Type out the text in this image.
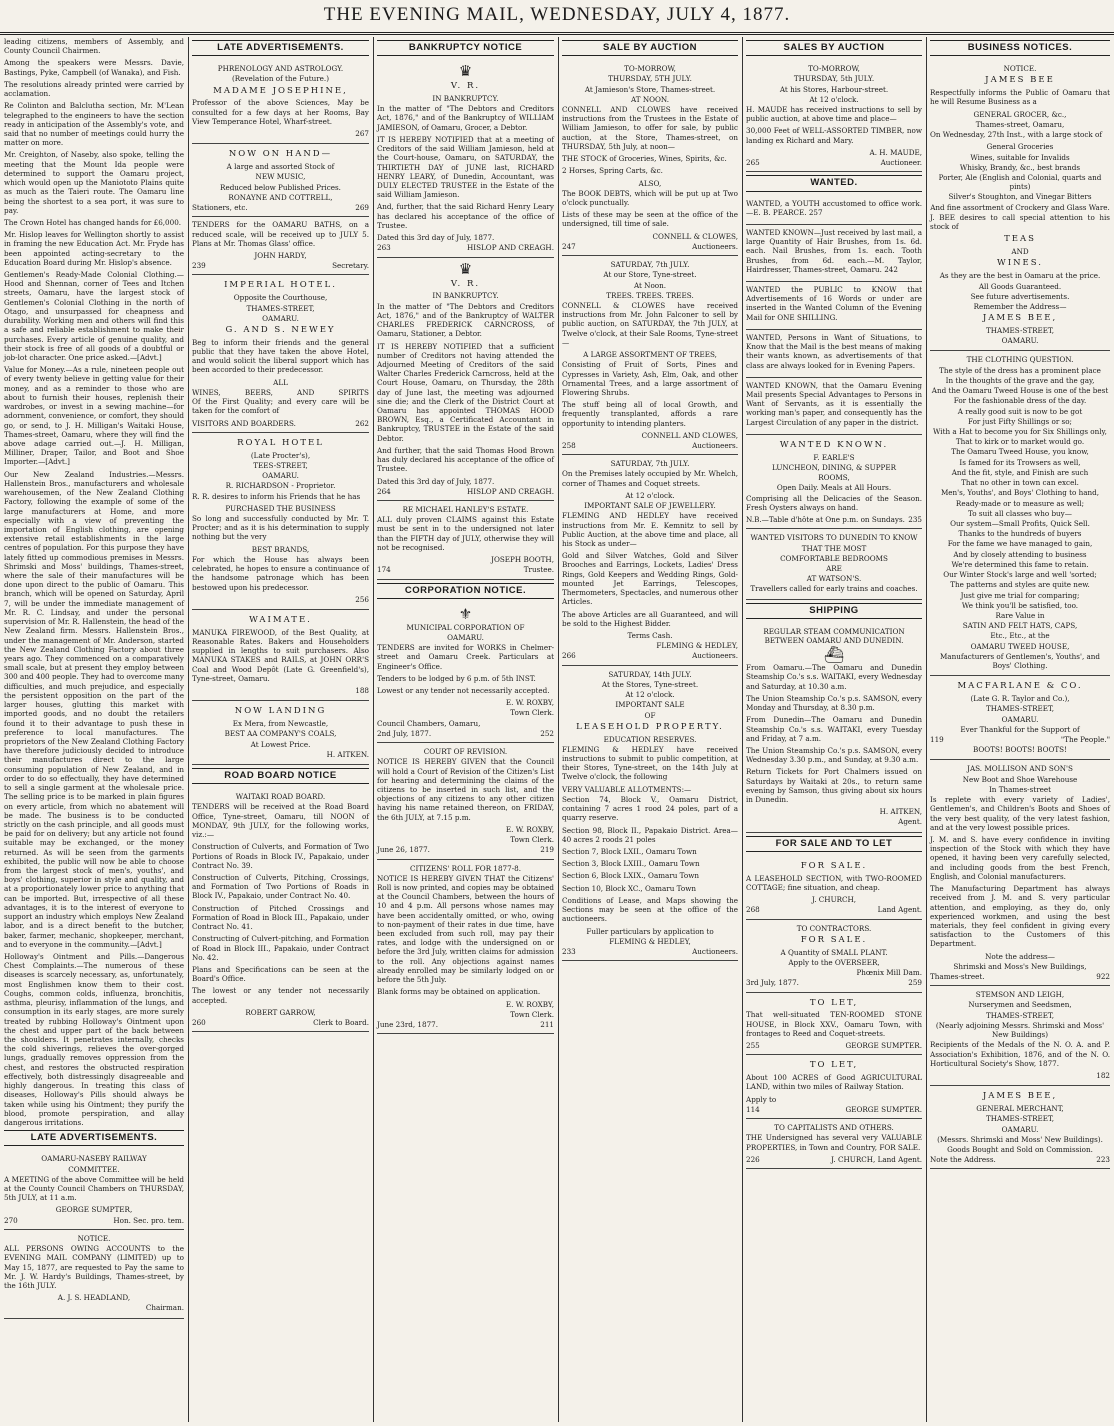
THE EVENING MAIL, WEDNESDAY, JULY 4, 1877.

leading citizens, members of Assembly, and County Council Chairmen.

Among the speakers were Messrs. Davie, Bastings, Pyke, Campbell (of Wanaka), and Fish.

The resolutions already printed were carried by acclamation.

Re Colinton and Balclutha section, Mr. M'Lean telegraphed to the engineers to have the section ready in anticipation of the Assembly's vote, and said that no number of meetings could hurry the matter on more.

Mr. Creighton, of Naseby, also spoke, telling the meeting that the Mount Ida people were determined to support the Oamaru project, which would open up the Maniototo Plains quite as much as the Taieri route. The Oamaru line being the shortest to a sea port, it was sure to pay.

The Crown Hotel has changed hands for £6,000.

Mr. Hislop leaves for Wellington shortly to assist in framing the new Education Act. Mr. Fryde has been appointed acting-secretary to the Education Board during Mr. Hislop's absence.

Gentlemen's Ready-Made Colonial Clothing.—Hood and Shennan, corner of Tees and Itchen streets, Oamaru, have the largest stock of Gentlemen's Colonial Clothing in the north of Otago, and unsurpassed for cheapness and durability. Working men and others will find this a safe and reliable establishment to make their purchases. Every article of genuine quality, and their stock is free of all goods of a doubtful or job-lot character. One price asked.—[Advt.]

Value for Money.—As a rule, nineteen people out of every twenty believe in getting value for their money, and as a reminder to those who are about to furnish their houses, replenish their wardrobes, or invest in a sewing machine—for adornment, convenience, or comfort, they should go, or send, to J. H. Milligan's Waitaki House, Thames-street, Oamaru, where they will find the above adage carried out.—J. H. Milligan, Milliner, Draper, Tailor, and Boot and Shoe Importer.—[Advt.]

Our New Zealand Industries.—Messrs. Hallenstein Bros., manufacturers and wholesale warehousemen, of the New Zealand Clothing Factory, following the example of some of the large manufacturers at Home, and more especially with a view of preventing the importation of English clothing, are opening extensive retail establishments in the large centres of population. For this purpose they have lately fitted up commodious premises in Messrs. Shrimski and Moss' buildings, Thames-street, where the sale of their manufactures will be done upon direct to the public of Oamaru. This branch, which will be opened on Saturday, April 7, will be under the immediate management of Mr. R. C. Lindsay, and under the personal supervision of Mr. R. Hallenstein, the head of the New Zealand firm. Messrs. Hallenstein Bros., under the management of Mr. Anderson, started the New Zealand Clothing Factory about three years ago. They commenced on a comparatively small scale, but at present they employ between 300 and 400 people. They had to overcome many difficulties, and much prejudice, and especially the persistent opposition on the part of the larger houses, glutting this market with imported goods, and no doubt the retailers found it to their advantage to push these in preference to local manufactures. The proprietors of the New Zealand Clothing Factory have therefore judiciously decided to introduce their manufactures direct to the large consuming population of New Zealand, and in order to do so effectually, they have determined to sell a single garment at the wholesale price. The selling price is to be marked in plain figures on every article, from which no abatement will be made. The business is to be conducted strictly on the cash principle, and all goods must be paid for on delivery; but any article not found suitable may be exchanged, or the money returned. As will be seen from the garments exhibited, the public will now be able to choose from the largest stock of men's, youths', and boys' clothing, superior in style and quality, and at a proportionately lower price to anything that can be imported. But, irrespective of all these advantages, it is to the interest of everyone to support an industry which employs New Zealand labor, and is a direct benefit to the butcher, baker, farmer, mechanic, shopkeeper, merchant, and to everyone in the community.—[Advt.]

Holloway's Ointment and Pills.—Dangerous Chest Complaints.—The numerous of these diseases is scarcely necessary, as, unfortunately, most Englishmen know them to their cost. Coughs, common colds, influenza, bronchitis, asthma, pleurisy, inflammation of the lungs, and consumption in its early stages, are more surely treated by rubbing Holloway's Ointment upon the chest and upper part of the back between the shoulders. It penetrates internally, checks the cold shiverings, relieves the over-gorged lungs, gradually removes oppression from the chest, and restores the obstructed respiration effectively, both distressingly disagreeable and highly dangerous. In treating this class of diseases, Holloway's Pills should always be taken while using his Ointment; they purify the blood, promote perspiration, and allay dangerous irritations.

LATE ADVERTISEMENTS.
OAMARU-NASEBY RAILWAY
COMMITTEE.

A MEETING of the above Committee will be held at the County Council Chambers on THURSDAY, 5th JULY, at 11 a.m.

GEORGE SUMPTER,
270	Hon. Sec. pro. tem.
NOTICE.

ALL PERSONS OWING ACCOUNTS to the EVENING MAIL COMPANY (LIMITED) up to May 15, 1877, are requested to Pay the same to Mr. J. W. Hardy's Buildings, Thames-street, by the 16th JULY.

A. J. S. HEADLAND,
Chairman.
LATE ADVERTISEMENTS.
PHRENOLOGY AND ASTROLOGY.
(Revelation of the Future.)
MADAME JOSEPHINE,

Professor of the above Sciences, May be consulted for a few days at her Rooms, Bay View Temperance Hotel, Wharf-street.

267
NOW ON HAND—
A large and assorted Stock of
NEW MUSIC,
Reduced below Published Prices.
RONAYNE AND COTTRELL,
Stationers, etc.	269

TENDERS for the OAMARU BATHS, on a reduced scale, will be received up to JULY 5. Plans at Mr. Thomas Glass' office.

JOHN HARDY,
239	Secretary.
IMPERIAL HOTEL.
Opposite the Courthouse,
THAMES-STREET,
OAMARU.
G. AND S. NEWEY

Beg to inform their friends and the general public that they have taken the above Hotel, and would solicit the liberal support which has been accorded to their predecessor.

ALL
WINES,	BEERS,	AND	SPIRITS

Of the First Quality; and every care will be taken for the comfort of

VISITORS AND BOARDERS.	262
ROYAL HOTEL
(Late Procter's),
TEES-STREET,
OAMARU.
R. RICHARDSON - Proprietor.

R. R. desires to inform his Friends that he has

PURCHASED THE BUSINESS

So long and successfully conducted by Mr. T. Procter; and as it is his determination to supply nothing but the very

BEST BRANDS,

For which the House has always been celebrated, he hopes to ensure a continuance of the handsome patronage which has been bestowed upon his predecessor.

256
WAIMATE.

MANUKA FIREWOOD, of the Best Quality, at Reasonable Rates. Bakers and Householders supplied in lengths to suit purchasers. Also MANUKA STAKES and RAILS, at JOHN ORR'S Coal and Wood Depôt (Late G. Greenfield's), Tyne-street, Oamaru.

188
NOW LANDING
Ex Mera, from Newcastle,
BEST AA COMPANY'S COALS,
At Lowest Price.
H. AITKEN.
ROAD BOARD NOTICE
WAITAKI ROAD BOARD.

TENDERS will be received at the Road Board Office, Tyne-street, Oamaru, till NOON of MONDAY, 9th JULY, for the following works, viz.:—

Construction of Culverts, and Formation of Two Portions of Roads in Block IV., Papakaio, under Contract No. 39.

Construction of Culverts, Pitching, Crossings, and Formation of Two Portions of Roads in Block IV., Papakaio, under Contract No. 40.

Construction of Pitched Crossings and Formation of Road in Block III., Papakaio, under Contract No. 41.

Constructing of Culvert-pitching, and Formation of Road in Block III., Papakaio, under Contract No. 42.

Plans and Specifications can be seen at the Board's Office.

The lowest or any tender not necessarily accepted.

ROBERT GARROW,
260	Clerk to Board.
BANKRUPTCY NOTICE
♛
V. R.
IN BANKRUPTCY.

In the matter of "The Debtors and Creditors Act, 1876," and of the Bankruptcy of WILLIAM JAMIESON, of Oamaru, Grocer, a Debtor.

IT IS HEREBY NOTIFIED that at a meeting of Creditors of the said William Jamieson, held at the Court-house, Oamaru, on SATURDAY, the THIRTIETH DAY of JUNE last, RICHARD HENRY LEARY, of Dunedin, Accountant, was DULY ELECTED TRUSTEE in the Estate of the said William Jamieson.

And, further, that the said Richard Henry Leary has declared his acceptance of the office of Trustee.

Dated this 3rd day of July, 1877.
263	HISLOP AND CREAGH.
♛
V. R.
IN BANKRUPTCY.

In the matter of "The Debtors and Creditors Act, 1876," and of the Bankruptcy of WALTER CHARLES FREDERICK CARNCROSS, of Oamaru, Stationer, a Debtor.

IT IS HEREBY NOTIFIED that a sufficient number of Creditors not having attended the Adjourned Meeting of Creditors of the said Walter Charles Frederick Carncross, held at the Court House, Oamaru, on Thursday, the 28th day of June last, the meeting was adjourned sine die; and the Clerk of the District Court at Oamaru has appointed THOMAS HOOD BROWN, Esq., a Certificated Accountant in Bankruptcy, TRUSTEE in the Estate of the said Debtor.

And further, that the said Thomas Hood Brown has duly declared his acceptance of the office of Trustee.

Dated this 3rd day of July, 1877.
264	HISLOP AND CREAGH.
RE MICHAEL HANLEY'S ESTATE.

ALL duly proven CLAIMS against this Estate must be sent in to the undersigned not later than the FIFTH day of JULY, otherwise they will not be recognised.

JOSEPH BOOTH,
174	Trustee.
CORPORATION NOTICE.
⚜
MUNICIPAL CORPORATION OF
OAMARU.

TENDERS are invited for WORKS in Chelmer-street and Oamaru Creek. Particulars at Engineer's Office.

Tenders to be lodged by 6 p.m. of 5th INST.

Lowest or any tender not necessarily accepted.

E. W. ROXBY,
Town Clerk.
Council Chambers, Oamaru,
2nd July, 1877.	252
COURT OF REVISION.

NOTICE IS HEREBY GIVEN that the Council will hold a Court of Revision of the Citizen's List for hearing and determining the claims of the citizens to be inserted in such list, and the objections of any citizens to any other citizen having his name retained thereon, on FRIDAY, the 6th JULY, at 7.15 p.m.

E. W. ROXBY,
Town Clerk.
June 26, 1877.	219
CITIZENS' ROLL FOR 1877-8.

NOTICE IS HEREBY GIVEN THAT the Citizens' Roll is now printed, and copies may be obtained at the Council Chambers, between the hours of 10 and 4 p.m. All persons whose names may have been accidentally omitted, or who, owing to non-payment of their rates in due time, have been excluded from such roll, may pay their rates, and lodge with the undersigned on or before the 3rd July, written claims for admission to the roll. Any objections against names already enrolled may be similarly lodged on or before the 5th July.

Blank forms may be obtained on application.

E. W. ROXBY,
Town Clerk.
June 23rd, 1877.	211
SALE BY AUCTION
TO-MORROW,
THURSDAY, 5TH JULY.
At Jamieson's Store, Thames-street.
AT NOON.

CONNELL AND CLOWES have received instructions from the Trustees in the Estate of William Jamieson, to offer for sale, by public auction, at the Store, Thames-street, on THURSDAY, 5th July, at noon—

THE STOCK of Groceries, Wines, Spirits, &c.

2 Horses, Spring Carts, &c.

ALSO,

The BOOK DEBTS, which will be put up at Two o'clock punctually.

Lists of these may be seen at the office of the undersigned, till time of sale.

CONNELL & CLOWES,
247	Auctioneers.
SATURDAY, 7th JULY.
At our Store, Tyne-street.
At Noon.
TREES. TREES. TREES.

CONNELL & CLOWES have received instructions from Mr. John Falconer to sell by public auction, on SATURDAY, the 7th JULY, at Twelve o'clock, at their Sale Rooms, Tyne-street—

A LARGE ASSORTMENT OF TREES,

Consisting of Fruit of Sorts, Pines and Cypresses in Variety, Ash, Elm, Oak, and other Ornamental Trees, and a large assortment of Flowering Shrubs.

The stuff being all of local Growth, and frequently transplanted, affords a rare opportunity to intending planters.

CONNELL AND CLOWES,
258	Auctioneers.
SATURDAY, 7th JULY.

On the Premises lately occupied by Mr. Whelch, corner of Thames and Coquet streets.

At 12 o'clock.
IMPORTANT SALE OF JEWELLERY.

FLEMING AND HEDLEY have received instructions from Mr. E. Kemnitz to sell by Public Auction, at the above time and place, all his Stock as under—

Gold and Silver Watches, Gold and Silver Brooches and Earrings, Lockets, Ladies' Dress Rings, Gold Keepers and Wedding Rings, Gold-mounted Jet Earrings, Telescopes, Thermometers, Spectacles, and numerous other Articles.

The above Articles are all Guaranteed, and will be sold to the Highest Bidder.

Terms Cash.
FLEMING & HEDLEY,
266	Auctioneers.
SATURDAY, 14th JULY.
At the Stores, Tyne-street.
At 12 o'clock.
IMPORTANT SALE
OF
LEASEHOLD PROPERTY.
EDUCATION RESERVES.

FLEMING & HEDLEY have received instructions to submit to public competition, at their Stores, Tyne-street, on the 14th July at Twelve o'clock, the following

VERY VALUABLE ALLOTMENTS:—

Section 74, Block V., Oamaru District, containing 7 acres 1 rood 24 poles, part of a quarry reserve.

Section 98, Block II., Papakaio District. Area—40 acres 2 roods 21 poles

Section 7, Block LXII., Oamaru Town

Section 3, Block LXIII., Oamaru Town

Section 6, Block LXIX., Oamaru Town

Section 10, Block XC., Oamaru Town

Conditions of Lease, and Maps showing the Sections may be seen at the office of the auctioneers.

Fuller particulars by application to
FLEMING & HEDLEY,
233	Auctioneers.
SALES BY AUCTION
TO-MORROW,
THURSDAY, 5th JULY.
At his Stores, Harbour-street.
At 12 o'clock.

H. MAUDE has received instructions to sell by public auction, at above time and place—

30,000 Feet of WELL-ASSORTED TIMBER, now landing ex Richard and Mary.

A. H. MAUDE,
265	Auctioneer.
WANTED.

WANTED, a YOUTH accustomed to office work.—E. B. PEARCE. 257

WANTED KNOWN—Just received by last mail, a large Quantity of Hair Brushes, from 1s. 6d. each. Nail Brushes, from 1s. each. Tooth Brushes, from 6d. each.—M. Taylor, Hairdresser, Thames-street, Oamaru. 242

WANTED the PUBLIC to KNOW that Advertisements of 16 Words or under are inserted in the Wanted Column of the Evening Mail for ONE SHILLING.

WANTED, Persons in Want of Situations, to Know that the Mail is the best means of making their wants known, as advertisements of that class are always looked for in Evening Papers.

WANTED KNOWN, that the Oamaru Evening Mail presents Special Advantages to Persons in Want of Servants, as it is essentially the working man's paper, and consequently has the Largest Circulation of any paper in the district.

WANTED KNOWN.
F. EARLE'S
LUNCHEON, DINING, & SUPPER
ROOMS,
Open Daily. Meals at All Hours.

Comprising all the Delicacies of the Season. Fresh Oysters always on hand.

N.B.—Table d'hôte at One p.m. on Sundays. 235
WANTED VISITORS TO DUNEDIN TO KNOW
THAT THE MOST
COMFORTABLE BEDROOMS
ARE
AT WATSON'S.
Travellers called for early trains and coaches.
SHIPPING
REGULAR STEAM COMMUNICATION BETWEEN OAMARU AND DUNEDIN.
⛴

From Oamaru.—The Oamaru and Dunedin Steamship Co.'s s.s. WAITAKI, every Wednesday and Saturday, at 10.30 a.m.

The Union Steamship Co.'s p.s. SAMSON, every Monday and Thursday, at 8.30 p.m.

From Dunedin—The Oamaru and Dunedin Steamship Co.'s s.s. WAITAKI, every Tuesday and Friday, at 7 a.m.

The Union Steamship Co.'s p.s. SAMSON, every Wednesday 3.30 p.m., and Sunday, at 9.30 a.m.

Return Tickets for Port Chalmers issued on Saturdays by Waitaki at 20s., to return same evening by Samson, thus giving about six hours in Dunedin.

H. AITKEN,
Agent.
FOR SALE AND TO LET
FOR SALE.

A LEASEHOLD SECTION, with TWO-ROOMED COTTAGE; fine situation, and cheap.

J. CHURCH,
268	Land Agent.
TO CONTRACTORS.
FOR SALE.
A Quantity of SMALL PLANT.
Apply to the OVERSEER,
Phœnix Mill Dam.
3rd July, 1877.	259
TO LET,

That well-situated TEN-ROOMED STONE HOUSE, in Block XXV., Oamaru Town, with frontages to Reed and Coquet-streets.

255	GEORGE SUMPTER.
TO LET,

About 100 ACRES of Good AGRICULTURAL LAND, within two miles of Railway Station.

Apply to
114	GEORGE SUMPTER.
TO CAPITALISTS AND OTHERS.

THE Undersigned has several very VALUABLE PROPERTIES, in Town and Country, FOR SALE.

226	J. CHURCH, Land Agent.
BUSINESS NOTICES.
NOTICE.
JAMES BEE

Respectfully informs the Public of Oamaru that he will Resume Business as a

GENERAL GROCER, &c.,
Thames-street, Oamaru,

On Wednesday, 27th Inst., with a large stock of

General Groceries
Wines, suitable for Invalids
Whisky, Brandy, &c., best brands
Porter, Ale (English and Colonial, quarts and pints)
Silver's Stoughton, and Vinegar Bitters
And fine assortment of Crockery and Glass Ware.

J. BEE desires to call special attention to his stock of

TEAS
AND
WINES.
As they are the best in Oamaru at the price.
All Goods Guaranteed.
See future advertisements.
Remember the Address—
JAMES BEE,
THAMES-STREET,
OAMARU.
THE CLOTHING QUESTION.
The style of the dress has a prominent place
In the thoughts of the grave and the gay,
And the Oamaru Tweed House is one of the best
For the fashionable dress of the day.
A really good suit is now to be got
For just Fifty Shillings or so;
With a Hat to become you for Six Shillings only,
That to kirk or to market would go.
The Oamaru Tweed House, you know,
Is famed for its Trowsers as well,
And the fit, style, and Finish are such
That no other in town can excel.
Men's, Youths', and Boys' Clothing to hand,
Ready-made or to measure as well;
To suit all classes who buy—
Our system—Small Profits, Quick Sell.
Thanks to the hundreds of buyers
For the fame we have managed to gain,
And by closely attending to business
We're determined this fame to retain.
Our Winter Stock's large and well 'sorted;
The patterns and styles are quite new.
Just give me trial for comparing;
We think you'll be satisfied, too.
Rare Value in
SATIN AND FELT HATS, CAPS,
Etc., Etc., at the
OAMARU TWEED HOUSE,
Manufacturers of Gentlemen's, Youths', and Boys' Clothing.
MACFARLANE & CO.
(Late G. R. Taylor and Co.),
THAMES-STREET,
OAMARU.
Ever Thankful for the Support of
119	"The People."
BOOTS! BOOTS! BOOTS!
JAS. MOLLISON AND SON'S
New Boot and Shoe Warehouse
In Thames-street

Is replete with every variety of Ladies', Gentlemen's, and Children's Boots and Shoes of the very best quality, of the very latest fashion, and at the very lowest possible prices.

J. M. and S. have every confidence in inviting inspection of the Stock with which they have opened, it having been very carefully selected, and including goods from the best French, English, and Colonial manufacturers.

The Manufacturing Department has always received from J. M. and S. very particular attention, and employing, as they do, only experienced workmen, and using the best materials, they feel confident in giving every satisfaction to the Customers of this Department.

Note the address—
Shrimski and Moss's New Buildings,
Thames-street.	922
STEMSON AND LEIGH,
Nurserymen and Seedsmen,
THAMES-STREET,
(Nearly adjoining Messrs. Shrimski and Moss' New Buildings)

Recipients of the Medals of the N. O. A. and P. Association's Exhibition, 1876, and of the N. O. Horticultural Society's Show, 1877.

182
JAMES BEE,
GENERAL MERCHANT,
THAMES-STREET,
OAMARU.
(Messrs. Shrimski and Moss' New Buildings).
Goods Bought and Sold on Commission.
Note the Address.	223
